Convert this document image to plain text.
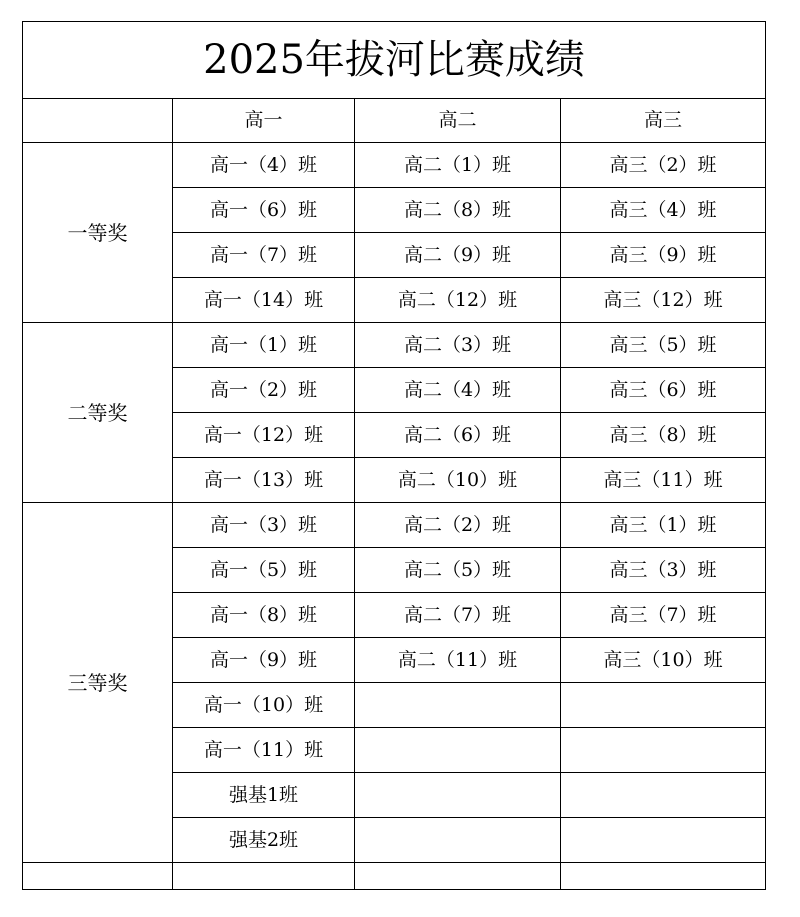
2025年拔河比赛成绩			
	高一	高二	高三
一等奖	高一（4）班	高二（1）班	高三（2）班
	高一（6）班	高二（8）班	高三（4）班
	高一（7）班	高二（9）班	高三（9）班
	高一（14）班	高二（12）班	高三（12）班
二等奖	高一（1）班	高二（3）班	高三（5）班
	高一（2）班	高二（4）班	高三（6）班
	高一（12）班	高二（6）班	高三（8）班
	高一（13）班	高二（10）班	高三（11）班
三等奖	高一（3）班	高二（2）班	高三（1）班
	高一（5）班	高二（5）班	高三（3）班
	高一（8）班	高二（7）班	高三（7）班
	高一（9）班	高二（11）班	高三（10）班
	高一（10）班		
	高一（11）班		
	强基1班		
	强基2班		
